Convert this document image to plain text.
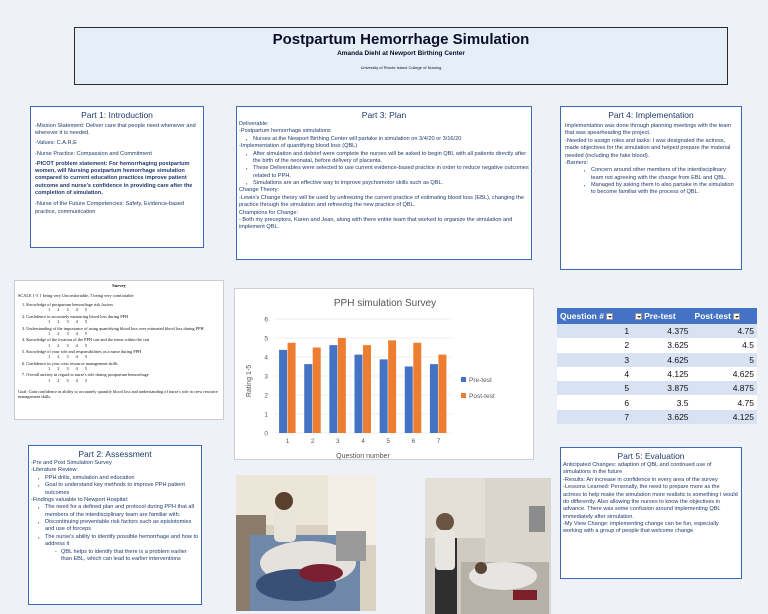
Postpartum Hemorrhage Simulation
Amanda Diehl at Newport Birthing Center
University of Rhode Island College of Nursing
Part 1: Introduction

-Mission Statement: Deliver care that people need whenever and wherever it is needed.

-Values: C.A.R.E

-Nurse Practice: Compassion and Commitment

-PICOT problem statement: For hemorrhaging postpartum women, will Nursing postpartum hemorrhage simulation compared to current education practices improve patient outcome and nurse's confidence in providing care after the completion of simulation.

-Nurse of the Future Competencies: Safety, Evidence-based practice, communication

Part 3: Plan

Deliverable:

-Postpartum hemorrhage simulations

▪ Nurses at the Newport Birthing Center will partake in simulation on 3/4/20 or 3/16/20

-Implementation of quantifying blood loss (QBL)

▪ After simulation and debrief were complete the nurses will be asked to begin QBL with all patients directly after the birth of the neonatal, before delivery of placenta.

▪ These Deliverables were selected to use current evidence-based practice in order to reduce negative outcomes related to PPH.

▪ Simulations are an effective way to improve psychomotor skills such as QBL.

Change Theory:

-Lewin's Change theory will be used by unfreezing the current practice of estimating blood loss (EBL), changing the practice through the simulation and refreezing the new practice of QBL.

Champions for Change:

- Both my preceptors, Karen and Jean, along with there entire team that worked to organize the simulation and implement QBL.

Part 4: Implementation

Implementation was done through planning meetings with the team that was spearheading the project.

-Needed to assign roles and tasks: I was designated the actress, made objectives for the simulation and helped prepare the material needed (including the fake blood).

-Barriers:

▪ Concern around other members of the interdisciplinary team not agreeing with the change from EBL and QBL.

▪ Managed by asking them to also partake in the simulation to become familiar with the process of QBL.

Survey
SCALE 1-5 1 being very Uncomfortable, 5 being very comfortable
1. Knowledge of postpartum hemorrhage risk factors
1 2 3 4 5
2. Confidence in accurately measuring blood loss during PPH
1 2 3 4 5
3. Understanding of the importance of using quantifying blood loss over estimated blood loss during PPH
1 2 3 4 5
4. Knowledge of the location of the PPH cart and the items within the cart
1 2 3 4 5
5. Knowledge of your role and responsibilities as a nurse during PPH
1 2 3 4 5
6. Confidence in your crew resource management skills
1 2 3 4 5
7. Overall anxiety in regard to nurse's role during postpartum hemorrhage
1 2 3 4 5
Goal: Gain confidence in ability to accurately quantify blood loss and understanding of nurse's role in crew resource management skills.
PPH simulation Survey
1	2	3	4	5	6	7
0
1
2
3
4
5
6
Question number
Rating 1-5	Pre-test
Post-test
Question #	Pre-test	Post-test
1	4.375	4.75
2	3.625	4.5
3	4.625	5
4	4.125	4.625
5	3.875	4.875
6	3.5	4.75
7	3.625	4.125
Part 2: Assessment

-Pre and Post Simulation Survey

-Literature Review:

▪ PPH drills, simulation and education

▪ Goal to understand key methods to improve PPH patient outcomes

-Findings valuable to Newport Hospital:

▪ The need for a defined plan and protocol during PPH that all members of the interdisciplinary team are familiar with.

▪ Discontinuing preventable risk factors such as episiotomies and use of forceps

▪ The nurse's ability to identify possible hemorrhage and how to address it

- QBL helps to identify that there is a problem earlier than EBL, which can lead to earlier interventions

Part 5: Evaluation

Anticipated Changes: adaption of QBL and continued use of simulations in the future

-Results: An increase in confidence in every area of the survey

-Lessons Learned: Personally, the need to prepare more as the actress to help make the simulation more realistic is something I would do differently. Also allowing the nurses to know the objectives in advance. There was some confusion around implementing QBL immediately after simulation.

-My View Change: implementing change can be fun, especially working with a group of people that welcome change
